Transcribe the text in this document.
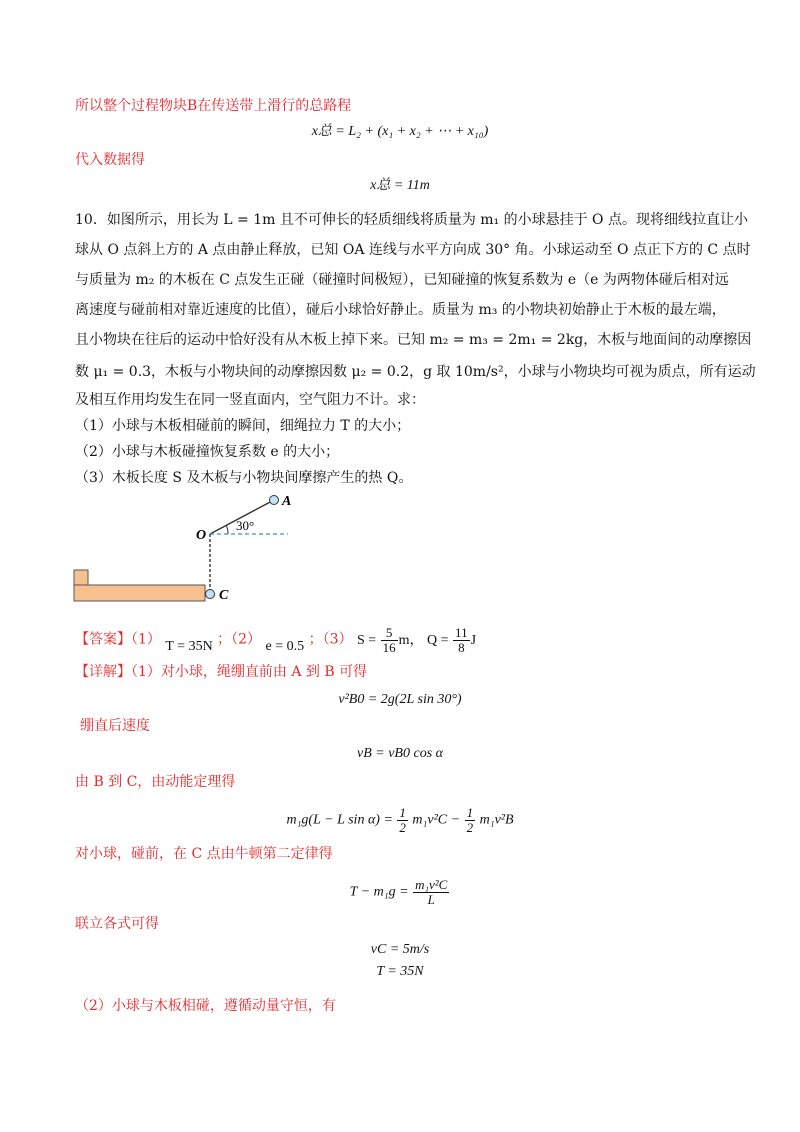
所以整个过程物块B在传送带上滑行的总路程
x总 = L₂ + (x₁ + x₂ + ⋯ + x₁₀)
代入数据得
x总 = 11m
10．如图所示，用长为 L = 1m 且不可伸长的轻质细线将质量为 m₁ 的小球悬挂于 O 点。现将细线拉直让小
球从 O 点斜上方的 A 点由静止释放，已知 OA 连线与水平方向成 30° 角。小球运动至 O 点正下方的 C 点时
与质量为 m₂ 的木板在 C 点发生正碰（碰撞时间极短），已知碰撞的恢复系数为 e（e 为两物体碰后相对远
离速度与碰前相对靠近速度的比值），碰后小球恰好静止。质量为 m₃ 的小物块初始静止于木板的最左端，
且小物块在往后的运动中恰好没有从木板上掉下来。已知 m₂ = m₃ = 2m₁ = 2kg，木板与地面间的动摩擦因
数 μ₁ = 0.3，木板与小物块间的动摩擦因数 μ₂ = 0.2，g 取 10m/s²，小球与小物块均可视为质点，所有运动
及相互作用均发生在同一竖直面内，空气阻力不计。求：
（1）小球与木板相碰前的瞬间，细绳拉力 T 的大小；
（2）小球与木板碰撞恢复系数 e 的大小；
（3）木板长度 S 及木板与小物块间摩擦产生的热 Q。
A
O
C
30°
【答案】（1） T = 35N ；（2） e = 0.5 ；（3） $S = \frac{5}{16}$ m， $Q = \frac{11}{8}$ J
【详解】（1）对小球，绳绷直前由 A 到 B 可得
v²B0 = 2g(2L sin 30°)
绷直后速度
vB = vB0 cos α
由 B 到 C，由动能定理得
m₁g(L − L $\sin \alpha) = \frac{1}{2} m_1v^2C - \frac{1}{2} m_1v^2B$
对小球，碰前，在 C 点由牛顿第二定律得
$T - m_1g = \frac{\text{m₁v²C}}{L}$
联立各式可得
vC = 5m/s
T = 35N
（2）小球与木板相碰，遵循动量守恒，有
